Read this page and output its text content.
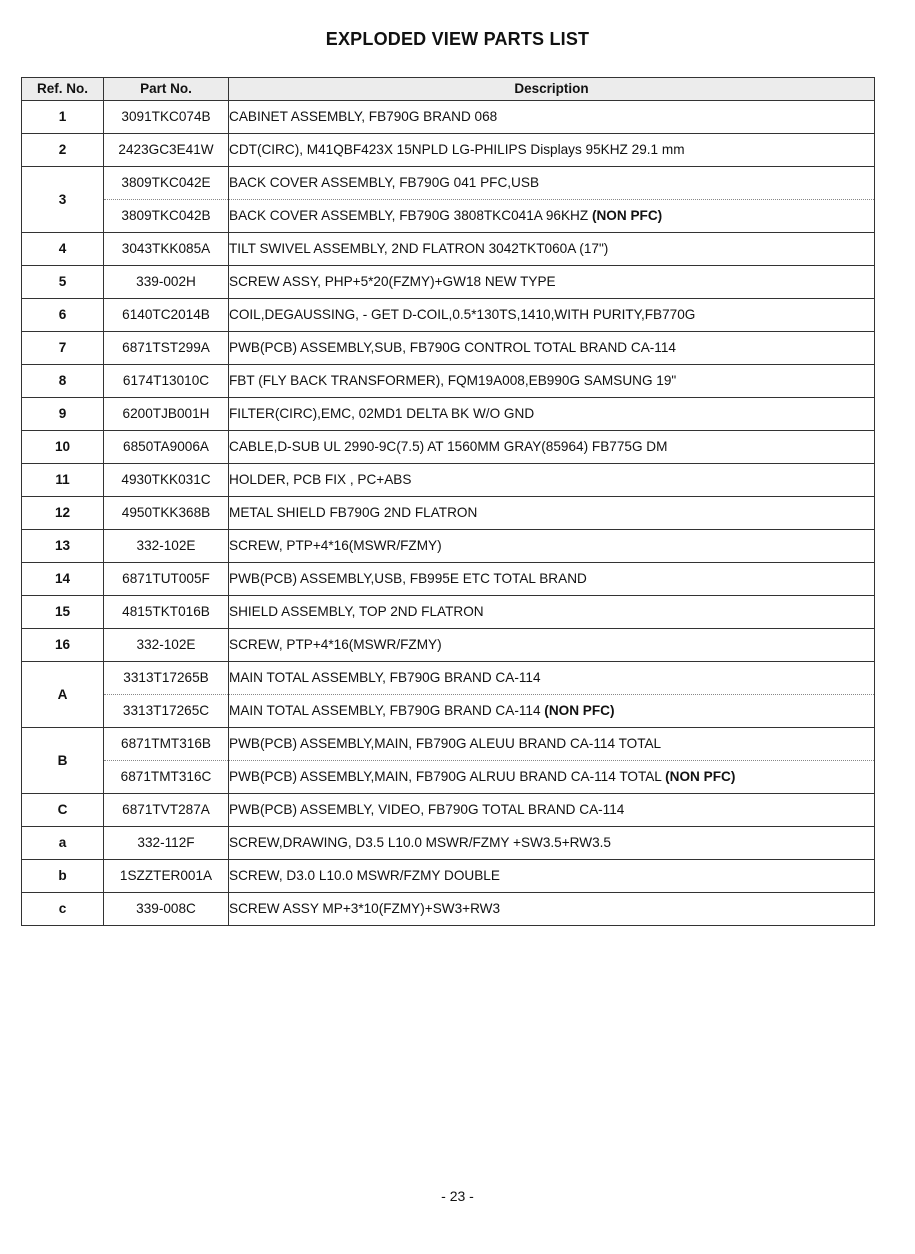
EXPLODED VIEW PARTS LIST
Ref. No.	Part No.	Description
1	3091TKC074B	CABINET ASSEMBLY, FB790G BRAND 068
2	2423GC3E41W	CDT(CIRC), M41QBF423X 15NPLD LG-PHILIPS Displays 95KHZ 29.1 mm
3	3809TKC042E	BACK COVER ASSEMBLY, FB790G 041 PFC,USB
	3809TKC042B	BACK COVER ASSEMBLY, FB790G 3808TKC041A 96KHZ (NON PFC)
4	3043TKK085A	TILT SWIVEL ASSEMBLY, 2ND FLATRON 3042TKT060A (17")
5	339-002H	SCREW ASSY, PHP+5*20(FZMY)+GW18 NEW TYPE
6	6140TC2014B	COIL,DEGAUSSING, - GET D-COIL,0.5*130TS,1410,WITH PURITY,FB770G
7	6871TST299A	PWB(PCB) ASSEMBLY,SUB, FB790G CONTROL TOTAL BRAND CA-114
8	6174T13010C	FBT (FLY BACK TRANSFORMER), FQM19A008,EB990G SAMSUNG 19"
9	6200TJB001H	FILTER(CIRC),EMC, 02MD1 DELTA BK W/O GND
10	6850TA9006A	CABLE,D-SUB UL 2990-9C(7.5) AT 1560MM GRAY(85964) FB775G DM
11	4930TKK031C	HOLDER, PCB FIX , PC+ABS
12	4950TKK368B	METAL SHIELD FB790G 2ND FLATRON
13	332-102E	SCREW, PTP+4*16(MSWR/FZMY)
14	6871TUT005F	PWB(PCB) ASSEMBLY,USB, FB995E ETC TOTAL BRAND
15	4815TKT016B	SHIELD ASSEMBLY, TOP 2ND FLATRON
16	332-102E	SCREW, PTP+4*16(MSWR/FZMY)
A	3313T17265B	MAIN TOTAL ASSEMBLY, FB790G BRAND CA-114
	3313T17265C	MAIN TOTAL ASSEMBLY, FB790G BRAND CA-114 (NON PFC)
B	6871TMT316B	PWB(PCB) ASSEMBLY,MAIN, FB790G ALEUU BRAND CA-114 TOTAL
	6871TMT316C	PWB(PCB) ASSEMBLY,MAIN, FB790G ALRUU BRAND CA-114 TOTAL (NON PFC)
C	6871TVT287A	PWB(PCB) ASSEMBLY, VIDEO, FB790G TOTAL BRAND CA-114
a	332-112F	SCREW,DRAWING, D3.5 L10.0 MSWR/FZMY +SW3.5+RW3.5
b	1SZZTER001A	SCREW, D3.0 L10.0 MSWR/FZMY DOUBLE
c	339-008C	SCREW ASSY MP+3*10(FZMY)+SW3+RW3
- 23 -
